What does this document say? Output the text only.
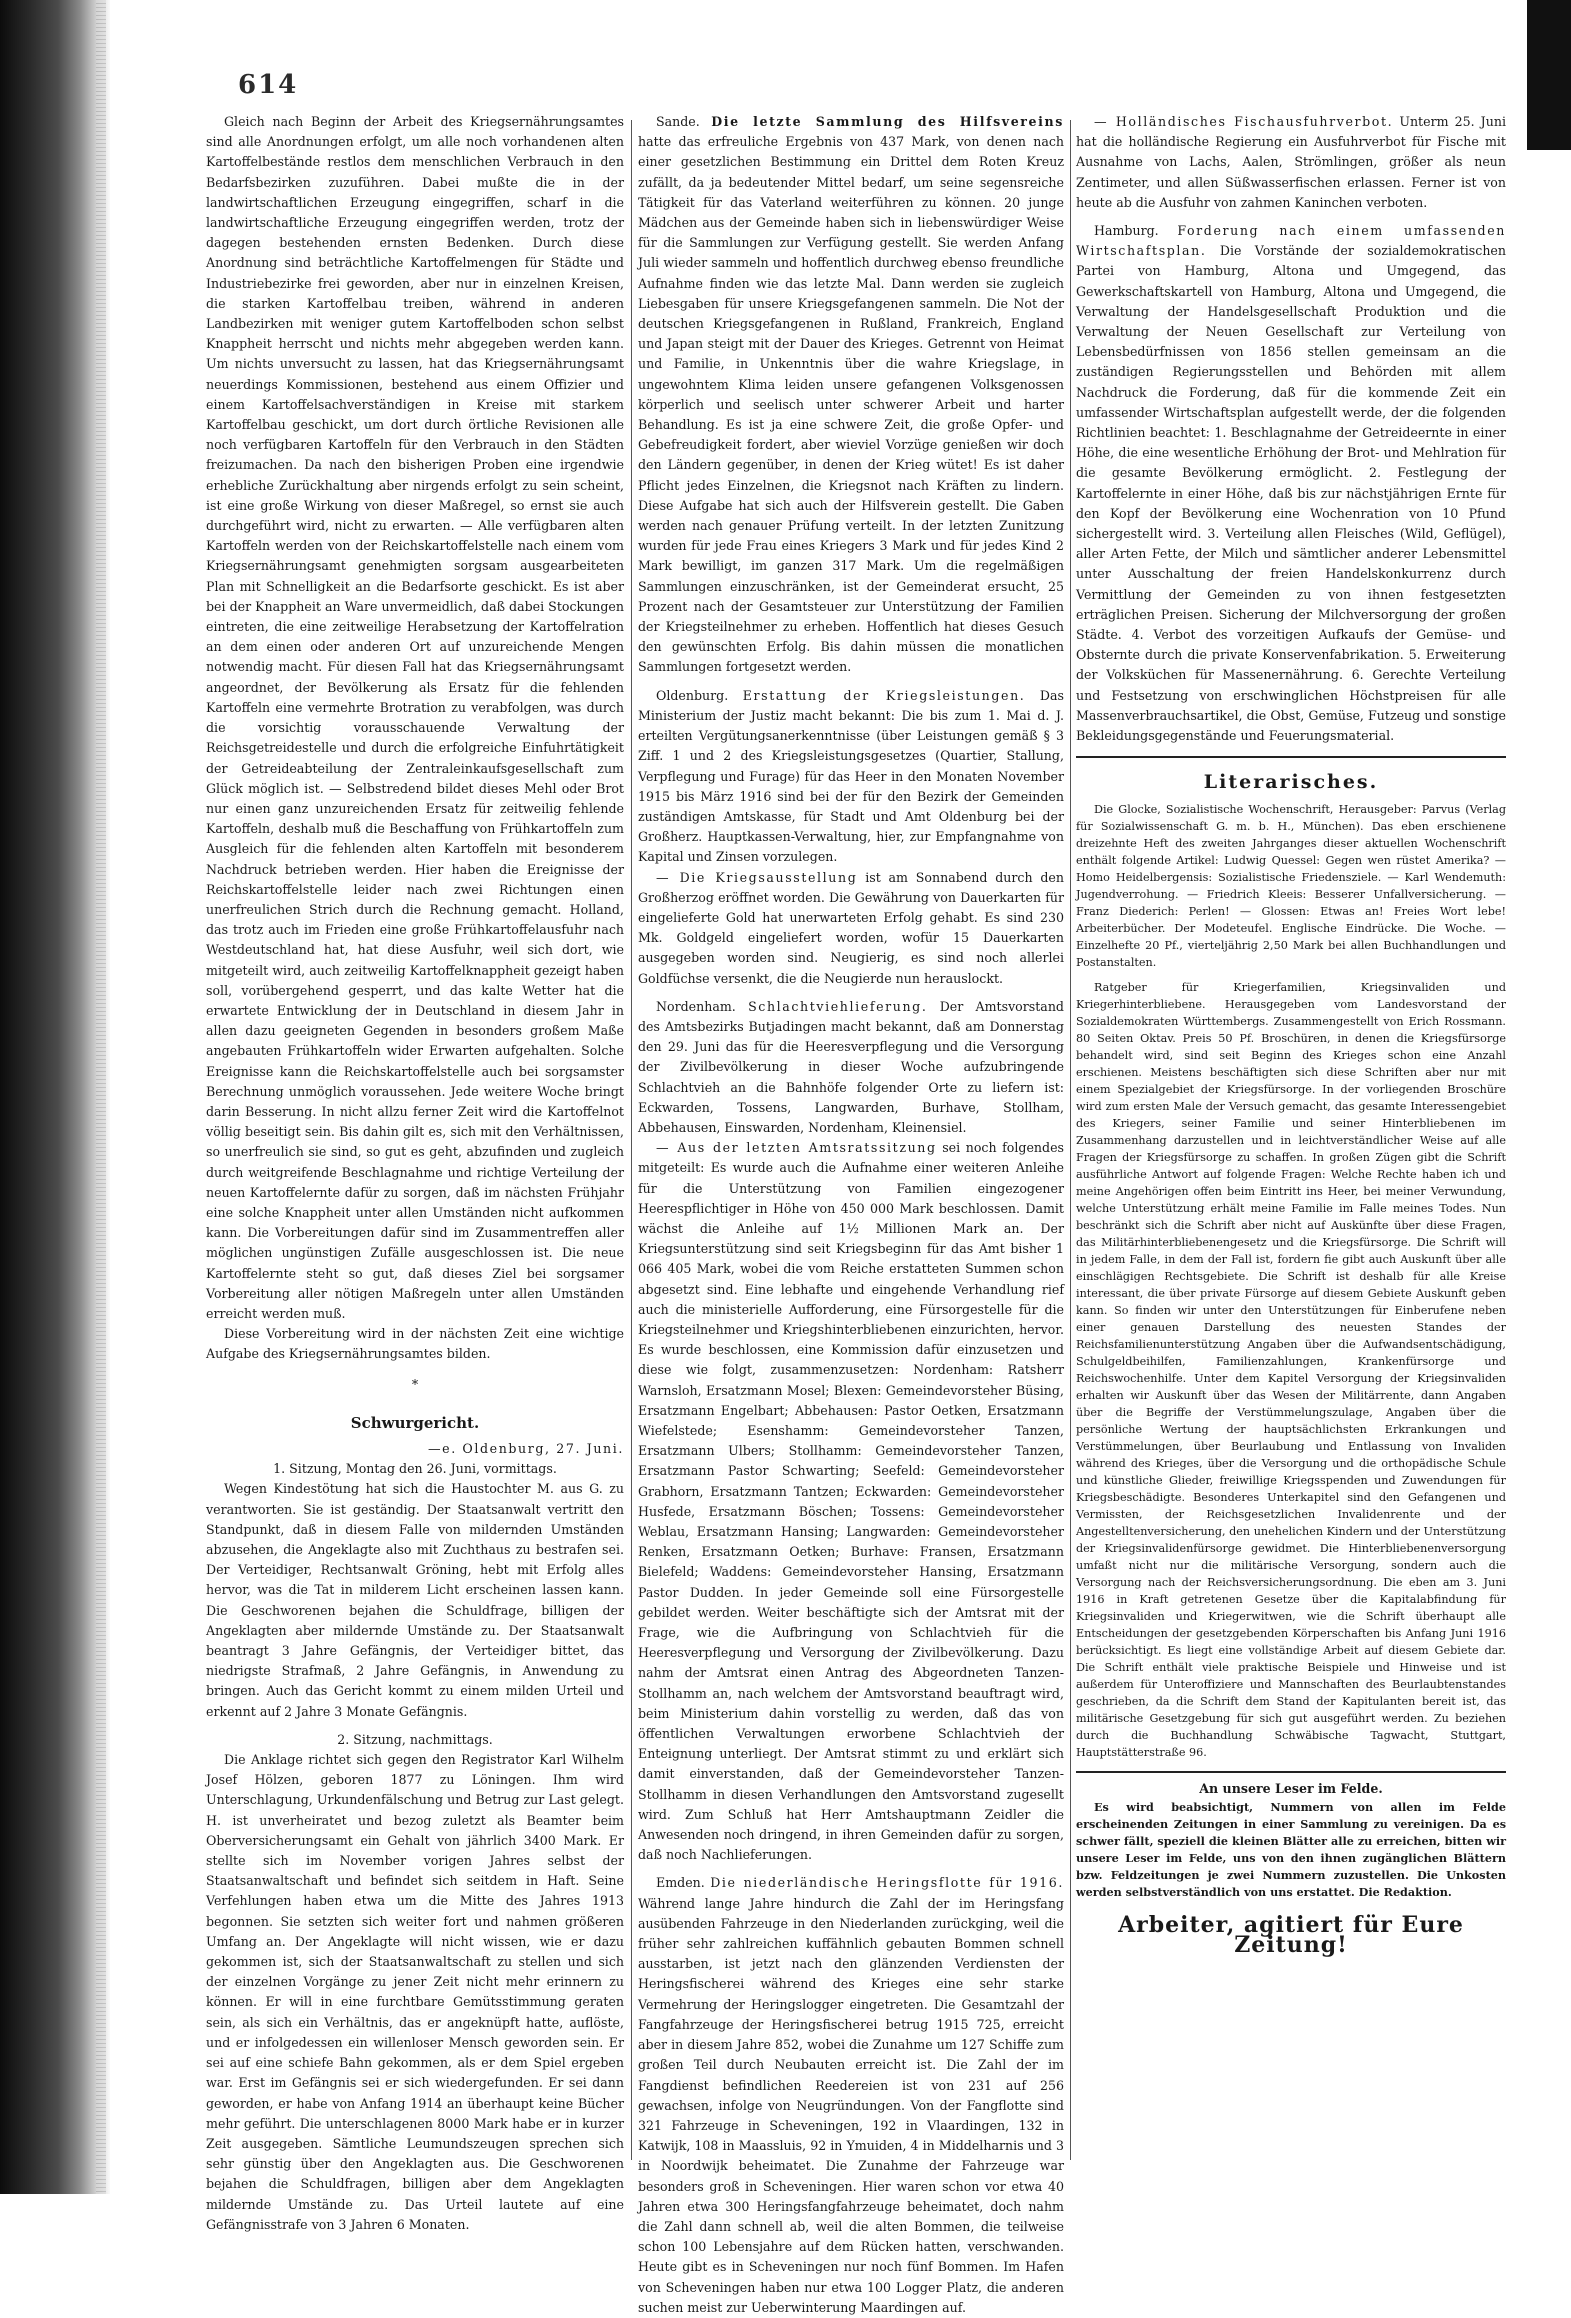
614

Gleich nach Beginn der Arbeit des Kriegsernährungsamtes sind alle Anordnungen erfolgt, um alle noch vorhandenen alten Kartoffelbestände restlos dem menschlichen Verbrauch in den Bedarfsbezirken zuzuführen. Dabei mußte die in der landwirtschaftlichen Erzeugung eingegriffen, scharf in die landwirtschaftliche Erzeugung eingegriffen werden, trotz der dagegen bestehenden ernsten Bedenken. Durch diese Anordnung sind beträchtliche Kartoffelmengen für Städte und Industriebezirke frei geworden, aber nur in einzelnen Kreisen, die starken Kartoffelbau treiben, während in anderen Landbezirken mit weniger gutem Kartoffelboden schon selbst Knappheit herrscht und nichts mehr abgegeben werden kann. Um nichts unversucht zu lassen, hat das Kriegsernährungsamt neuerdings Kommissionen, bestehend aus einem Offizier und einem Kartoffelsachverständigen in Kreise mit starkem Kartoffelbau geschickt, um dort durch örtliche Revisionen alle noch verfügbaren Kartoffeln für den Verbrauch in den Städten freizumachen. Da nach den bisherigen Proben eine irgendwie erhebliche Zurückhaltung aber nirgends erfolgt zu sein scheint, ist eine große Wirkung von dieser Maßregel, so ernst sie auch durchgeführt wird, nicht zu erwarten. — Alle verfügbaren alten Kartoffeln werden von der Reichskartoffelstelle nach einem vom Kriegsernährungsamt genehmigten sorgsam ausgearbeiteten Plan mit Schnelligkeit an die Bedarfsorte geschickt. Es ist aber bei der Knappheit an Ware unvermeidlich, daß dabei Stockungen eintreten, die eine zeitweilige Herabsetzung der Kartoffelration an dem einen oder anderen Ort auf unzureichende Mengen notwendig macht. Für diesen Fall hat das Kriegsernährungsamt angeordnet, der Bevölkerung als Ersatz für die fehlenden Kartoffeln eine vermehrte Brotration zu verabfolgen, was durch die vorsichtig vorausschauende Verwaltung der Reichsgetreidestelle und durch die erfolgreiche Einfuhrtätigkeit der Getreideabteilung der Zentraleinkaufsgesellschaft zum Glück möglich ist. — Selbstredend bildet dieses Mehl oder Brot nur einen ganz unzureichenden Ersatz für zeitweilig fehlende Kartoffeln, deshalb muß die Beschaffung von Frühkartoffeln zum Ausgleich für die fehlenden alten Kartoffeln mit besonderem Nachdruck betrieben werden. Hier haben die Ereignisse der Reichskartoffelstelle leider nach zwei Richtungen einen unerfreulichen Strich durch die Rechnung gemacht. Holland, das trotz auch im Frieden eine große Frühkartoffelausfuhr nach Westdeutschland hat, hat diese Ausfuhr, weil sich dort, wie mitgeteilt wird, auch zeitweilig Kartoffelknappheit gezeigt haben soll, vorübergehend gesperrt, und das kalte Wetter hat die erwartete Entwicklung der in Deutschland in diesem Jahr in allen dazu geeigneten Gegenden in besonders großem Maße angebauten Frühkartoffeln wider Erwarten aufgehalten. Solche Ereignisse kann die Reichskartoffelstelle auch bei sorgsamster Berechnung unmöglich voraussehen. Jede weitere Woche bringt darin Besserung. In nicht allzu ferner Zeit wird die Kartoffelnot völlig beseitigt sein. Bis dahin gilt es, sich mit den Verhältnissen, so unerfreulich sie sind, so gut es geht, abzufinden und zugleich durch weitgreifende Beschlagnahme und richtige Verteilung der neuen Kartoffelernte dafür zu sorgen, daß im nächsten Frühjahr eine solche Knappheit unter allen Umständen nicht aufkommen kann. Die Vorbereitungen dafür sind im Zusammentreffen aller möglichen ungünstigen Zufälle ausgeschlossen ist. Die neue Kartoffelernte steht so gut, daß dieses Ziel bei sorgsamer Vorbereitung aller nötigen Maßregeln unter allen Umständen erreicht werden muß.

Diese Vorbereitung wird in der nächsten Zeit eine wichtige Aufgabe des Kriegsernährungsamtes bilden.

*

Schwurgericht.

—e. Oldenburg, 27. Juni.

1. Sitzung, Montag den 26. Juni, vormittags.

Wegen Kindestötung hat sich die Haustochter M. aus G. zu verantworten. Sie ist geständig. Der Staatsanwalt vertritt den Standpunkt, daß in diesem Falle von mildernden Umständen abzusehen, die Angeklagte also mit Zuchthaus zu bestrafen sei. Der Verteidiger, Rechtsanwalt Gröning, hebt mit Erfolg alles hervor, was die Tat in milderem Licht erscheinen lassen kann. Die Geschworenen bejahen die Schuldfrage, billigen der Angeklagten aber mildernde Umstände zu. Der Staatsanwalt beantragt 3 Jahre Gefängnis, der Verteidiger bittet, das niedrigste Strafmaß, 2 Jahre Gefängnis, in Anwendung zu bringen. Auch das Gericht kommt zu einem milden Urteil und erkennt auf 2 Jahre 3 Monate Gefängnis.

2. Sitzung, nachmittags.

Die Anklage richtet sich gegen den Registrator Karl Wilhelm Josef Hölzen, geboren 1877 zu Löningen. Ihm wird Unterschlagung, Urkundenfälschung und Betrug zur Last gelegt. H. ist unverheiratet und bezog zuletzt als Beamter beim Oberversicherungsamt ein Gehalt von jährlich 3400 Mark. Er stellte sich im November vorigen Jahres selbst der Staatsanwaltschaft und befindet sich seitdem in Haft. Seine Verfehlungen haben etwa um die Mitte des Jahres 1913 begonnen. Sie setzten sich weiter fort und nahmen größeren Umfang an. Der Angeklagte will nicht wissen, wie er dazu gekommen ist, sich der Staatsanwaltschaft zu stellen und sich der einzelnen Vorgänge zu jener Zeit nicht mehr erinnern zu können. Er will in eine furchtbare Gemütsstimmung geraten sein, als sich ein Verhältnis, das er angeknüpft hatte, auflöste, und er infolgedessen ein willenloser Mensch geworden sein. Er sei auf eine schiefe Bahn gekommen, als er dem Spiel ergeben war. Erst im Gefängnis sei er sich wiedergefunden. Er sei dann geworden, er habe von Anfang 1914 an überhaupt keine Bücher mehr geführt. Die unterschlagenen 8000 Mark habe er in kurzer Zeit ausgegeben. Sämtliche Leumundszeugen sprechen sich sehr günstig über den Angeklagten aus. Die Geschworenen bejahen die Schuldfragen, billigen aber dem Angeklagten mildernde Umstände zu. Das Urteil lautete auf eine Gefängnisstrafe von 3 Jahren 6 Monaten.

Sande. Die letzte Sammlung des Hilfsvereins hatte das erfreuliche Ergebnis von 437 Mark, von denen nach einer gesetzlichen Bestimmung ein Drittel dem Roten Kreuz zufällt, da ja bedeutender Mittel bedarf, um seine segensreiche Tätigkeit für das Vaterland weiterführen zu können. 20 junge Mädchen aus der Gemeinde haben sich in liebenswürdiger Weise für die Sammlungen zur Verfügung gestellt. Sie werden Anfang Juli wieder sammeln und hoffentlich durchweg ebenso freundliche Aufnahme finden wie das letzte Mal. Dann werden sie zugleich Liebesgaben für unsere Kriegsgefangenen sammeln. Die Not der deutschen Kriegsgefangenen in Rußland, Frankreich, England und Japan steigt mit der Dauer des Krieges. Getrennt von Heimat und Familie, in Unkenntnis über die wahre Kriegslage, in ungewohntem Klima leiden unsere gefangenen Volksgenossen körperlich und seelisch unter schwerer Arbeit und harter Behandlung. Es ist ja eine schwere Zeit, die große Opfer- und Gebefreudigkeit fordert, aber wieviel Vorzüge genießen wir doch den Ländern gegenüber, in denen der Krieg wütet! Es ist daher Pflicht jedes Einzelnen, die Kriegsnot nach Kräften zu lindern. Diese Aufgabe hat sich auch der Hilfsverein gestellt. Die Gaben werden nach genauer Prüfung verteilt. In der letzten Zunitzung wurden für jede Frau eines Kriegers 3 Mark und für jedes Kind 2 Mark bewilligt, im ganzen 317 Mark. Um die regelmäßigen Sammlungen einzuschränken, ist der Gemeinderat ersucht, 25 Prozent nach der Gesamtsteuer zur Unterstützung der Familien der Kriegsteilnehmer zu erheben. Hoffentlich hat dieses Gesuch den gewünschten Erfolg. Bis dahin müssen die monatlichen Sammlungen fortgesetzt werden.

Oldenburg. Erstattung der Kriegsleistungen. Das Ministerium der Justiz macht bekannt: Die bis zum 1. Mai d. J. erteilten Vergütungsanerkenntnisse (über Leistungen gemäß § 3 Ziff. 1 und 2 des Kriegsleistungsgesetzes (Quartier, Stallung, Verpflegung und Furage) für das Heer in den Monaten November 1915 bis März 1916 sind bei der für den Bezirk der Gemeinden zuständigen Amtskasse, für Stadt und Amt Oldenburg bei der Großherz. Hauptkassen-Verwaltung, hier, zur Empfangnahme von Kapital und Zinsen vorzulegen.

— Die Kriegsausstellung ist am Sonnabend durch den Großherzog eröffnet worden. Die Gewährung von Dauerkarten für eingelieferte Gold hat unerwarteten Erfolg gehabt. Es sind 230 Mk. Goldgeld eingeliefert worden, wofür 15 Dauerkarten ausgegeben worden sind. Neugierig, es sind noch allerlei Goldfüchse versenkt, die die Neugierde nun herauslockt.

Nordenham. Schlachtviehlieferung. Der Amtsvorstand des Amtsbezirks Butjadingen macht bekannt, daß am Donnerstag den 29. Juni das für die Heeresverpflegung und die Versorgung der Zivilbevölkerung in dieser Woche aufzubringende Schlachtvieh an die Bahnhöfe folgender Orte zu liefern ist: Eckwarden, Tossens, Langwarden, Burhave, Stollham, Abbehausen, Einswarden, Nordenham, Kleinensiel.

— Aus der letzten Amtsratssitzung sei noch folgendes mitgeteilt: Es wurde auch die Aufnahme einer weiteren Anleihe für die Unterstützung von Familien eingezogener Heerespflichtiger in Höhe von 450 000 Mark beschlossen. Damit wächst die Anleihe auf 1½ Millionen Mark an. Der Kriegsunterstützung sind seit Kriegsbeginn für das Amt bisher 1 066 405 Mark, wobei die vom Reiche erstatteten Summen schon abgesetzt sind. Eine lebhafte und eingehende Verhandlung rief auch die ministerielle Aufforderung, eine Fürsorgestelle für die Kriegsteilnehmer und Kriegshinterbliebenen einzurichten, hervor. Es wurde beschlossen, eine Kommission dafür einzusetzen und diese wie folgt, zusammenzusetzen: Nordenham: Ratsherr Warnsloh, Ersatzmann Mosel; Blexen: Gemeindevorsteher Büsing, Ersatzmann Engelbart; Abbehausen: Pastor Oetken, Ersatzmann Wiefelstede; Esenshamm: Gemeindevorsteher Tanzen, Ersatzmann Ulbers; Stollhamm: Gemeindevorsteher Tanzen, Ersatzmann Pastor Schwarting; Seefeld: Gemeindevorsteher Grabhorn, Ersatzmann Tantzen; Eckwarden: Gemeindevorsteher Husfede, Ersatzmann Böschen; Tossens: Gemeindevorsteher Weblau, Ersatzmann Hansing; Langwarden: Gemeindevorsteher Renken, Ersatzmann Oetken; Burhave: Fransen, Ersatzmann Bielefeld; Waddens: Gemeindevorsteher Hansing, Ersatzmann Pastor Dudden. In jeder Gemeinde soll eine Fürsorgestelle gebildet werden. Weiter beschäftigte sich der Amtsrat mit der Frage, wie die Aufbringung von Schlachtvieh für die Heeresverpflegung und Versorgung der Zivilbevölkerung. Dazu nahm der Amtsrat einen Antrag des Abgeordneten Tanzen-Stollhamm an, nach welchem der Amtsvorstand beauftragt wird, beim Ministerium dahin vorstellig zu werden, daß das von öffentlichen Verwaltungen erworbene Schlachtvieh der Enteignung unterliegt. Der Amtsrat stimmt zu und erklärt sich damit einverstanden, daß der Gemeindevorsteher Tanzen-Stollhamm in diesen Verhandlungen den Amtsvorstand zugesellt wird. Zum Schluß hat Herr Amtshauptmann Zeidler die Anwesenden noch dringend, in ihren Gemeinden dafür zu sorgen, daß noch Nachlieferungen.

Emden. Die niederländische Heringsflotte für 1916. Während lange Jahre hindurch die Zahl der im Heringsfang ausübenden Fahrzeuge in den Niederlanden zurückging, weil die früher sehr zahlreichen kuffähnlich gebauten Bommen schnell ausstarben, ist jetzt nach den glänzenden Verdiensten der Heringsfischerei während des Krieges eine sehr starke Vermehrung der Heringslogger eingetreten. Die Gesamtzahl der Fangfahrzeuge der Heringsfischerei betrug 1915 725, erreicht aber in diesem Jahre 852, wobei die Zunahme um 127 Schiffe zum großen Teil durch Neubauten erreicht ist. Die Zahl der im Fangdienst befindlichen Reedereien ist von 231 auf 256 gewachsen, infolge von Neugründungen. Von der Fangflotte sind 321 Fahrzeuge in Scheveningen, 192 in Vlaardingen, 132 in Katwijk, 108 in Maassluis, 92 in Ymuiden, 4 in Middelharnis und 3 in Noordwijk beheimatet. Die Zunahme der Fahrzeuge war besonders groß in Scheveningen. Hier waren schon vor etwa 40 Jahren etwa 300 Heringsfangfahrzeuge beheimatet, doch nahm die Zahl dann schnell ab, weil die alten Bommen, die teilweise schon 100 Lebensjahre auf dem Rücken hatten, verschwanden. Heute gibt es in Scheveningen nur noch fünf Bommen. Im Hafen von Scheveningen haben nur etwa 100 Logger Platz, die anderen suchen meist zur Ueberwinterung Maardingen auf.

— Holländisches Fischausfuhrverbot. Unterm 25. Juni hat die holländische Regierung ein Ausfuhrverbot für Fische mit Ausnahme von Lachs, Aalen, Strömlingen, größer als neun Zentimeter, und allen Süßwasserfischen erlassen. Ferner ist von heute ab die Ausfuhr von zahmen Kaninchen verboten.

Hamburg. Forderung nach einem umfassenden Wirtschaftsplan. Die Vorstände der sozialdemokratischen Partei von Hamburg, Altona und Umgegend, das Gewerkschaftskartell von Hamburg, Altona und Umgegend, die Verwaltung der Handelsgesellschaft Produktion und die Verwaltung der Neuen Gesellschaft zur Verteilung von Lebensbedürfnissen von 1856 stellen gemeinsam an die zuständigen Regierungsstellen und Behörden mit allem Nachdruck die Forderung, daß für die kommende Zeit ein umfassender Wirtschaftsplan aufgestellt werde, der die folgenden Richtlinien beachtet: 1. Beschlagnahme der Getreideernte in einer Höhe, die eine wesentliche Erhöhung der Brot- und Mehlration für die gesamte Bevölkerung ermöglicht. 2. Festlegung der Kartoffelernte in einer Höhe, daß bis zur nächstjährigen Ernte für den Kopf der Bevölkerung eine Wochenration von 10 Pfund sichergestellt wird. 3. Verteilung allen Fleisches (Wild, Geflügel), aller Arten Fette, der Milch und sämtlicher anderer Lebensmittel unter Ausschaltung der freien Handelskonkurrenz durch Vermittlung der Gemeinden zu von ihnen festgesetzten erträglichen Preisen. Sicherung der Milchversorgung der großen Städte. 4. Verbot des vorzeitigen Aufkaufs der Gemüse- und Obsternte durch die private Konservenfabrikation. 5. Erweiterung der Volksküchen für Massenernährung. 6. Gerechte Verteilung und Festsetzung von erschwinglichen Höchstpreisen für alle Massenverbrauchsartikel, die Obst, Gemüse, Futzeug und sonstige Bekleidungsgegenstände und Feuerungsmaterial.

Literarisches.

Die Glocke, Sozialistische Wochenschrift, Herausgeber: Parvus (Verlag für Sozialwissenschaft G. m. b. H., München). Das eben erschienene dreizehnte Heft des zweiten Jahrganges dieser aktuellen Wochenschrift enthält folgende Artikel: Ludwig Quessel: Gegen wen rüstet Amerika? — Homo Heidelbergensis: Sozialistische Friedensziele. — Karl Wendemuth: Jugendverrohung. — Friedrich Kleeis: Besserer Unfallversicherung. — Franz Diederich: Perlen! — Glossen: Etwas an! Freies Wort lebe! Arbeiterbücher. Der Modeteufel. Englische Eindrücke. Die Woche. — Einzelhefte 20 Pf., vierteljährig 2,50 Mark bei allen Buchhandlungen und Postanstalten.

Ratgeber für Kriegerfamilien, Kriegsinvaliden und Kriegerhinterbliebene. Herausgegeben vom Landesvorstand der Sozialdemokraten Württembergs. Zusammengestellt von Erich Rossmann. 80 Seiten Oktav. Preis 50 Pf. Broschüren, in denen die Kriegsfürsorge behandelt wird, sind seit Beginn des Krieges schon eine Anzahl erschienen. Meistens beschäftigten sich diese Schriften aber nur mit einem Spezialgebiet der Kriegsfürsorge. In der vorliegenden Broschüre wird zum ersten Male der Versuch gemacht, das gesamte Interessengebiet des Kriegers, seiner Familie und seiner Hinterbliebenen im Zusammenhang darzustellen und in leichtverständlicher Weise auf alle Fragen der Kriegsfürsorge zu schaffen. In großen Zügen gibt die Schrift ausführliche Antwort auf folgende Fragen: Welche Rechte haben ich und meine Angehörigen offen beim Eintritt ins Heer, bei meiner Verwundung, welche Unterstützung erhält meine Familie im Falle meines Todes. Nun beschränkt sich die Schrift aber nicht auf Auskünfte über diese Fragen, das Militärhinterbliebenengesetz und die Kriegsfürsorge. Die Schrift will in jedem Falle, in dem der Fall ist, fordern fie gibt auch Auskunft über alle einschlägigen Rechtsgebiete. Die Schrift ist deshalb für alle Kreise interessant, die über private Fürsorge auf diesem Gebiete Auskunft geben kann. So finden wir unter den Unterstützungen für Einberufene neben einer genauen Darstellung des neuesten Standes der Reichsfamilienunterstützung Angaben über die Aufwandsentschädigung, Schulgeldbeihilfen, Familienzahlungen, Krankenfürsorge und Reichswochenhilfe. Unter dem Kapitel Versorgung der Kriegsinvaliden erhalten wir Auskunft über das Wesen der Militärrente, dann Angaben über die Begriffe der Verstümmelungszulage, Angaben über die persönliche Wertung der hauptsächlichsten Erkrankungen und Verstümmelungen, über Beurlaubung und Entlassung von Invaliden während des Krieges, über die Versorgung und die orthopädische Schule und künstliche Glieder, freiwillige Kriegsspenden und Zuwendungen für Kriegsbeschädigte. Besonderes Unterkapitel sind den Gefangenen und Vermissten, der Reichsgesetzlichen Invalidenrente und der Angestelltenversicherung, den unehelichen Kindern und der Unterstützung der Kriegsinvalidenfürsorge gewidmet. Die Hinterbliebenenversorgung umfaßt nicht nur die militärische Versorgung, sondern auch die Versorgung nach der Reichsversicherungsordnung. Die eben am 3. Juni 1916 in Kraft getretenen Gesetze über die Kapitalabfindung für Kriegsinvaliden und Kriegerwitwen, wie die Schrift überhaupt alle Entscheidungen der gesetzgebenden Körperschaften bis Anfang Juni 1916 berücksichtigt. Es liegt eine vollständige Arbeit auf diesem Gebiete dar. Die Schrift enthält viele praktische Beispiele und Hinweise und ist außerdem für Unteroffiziere und Mannschaften des Beurlaubtenstandes geschrieben, da die Schrift dem Stand der Kapitulanten bereit ist, das militärische Gesetzgebung für sich gut ausgeführt werden. Zu beziehen durch die Buchhandlung Schwäbische Tagwacht, Stuttgart, Hauptstätterstraße 96.

An unsere Leser im Felde.

Es wird beabsichtigt, Nummern von allen im Felde erscheinenden Zeitungen in einer Sammlung zu vereinigen. Da es schwer fällt, speziell die kleinen Blätter alle zu erreichen, bitten wir unsere Leser im Felde, uns von den ihnen zugänglichen Blättern bzw. Feldzeitungen je zwei Nummern zuzustellen. Die Unkosten werden selbstverständlich von uns erstattet. Die Redaktion.

Arbeiter, agitiert für Eure Zeitung!
